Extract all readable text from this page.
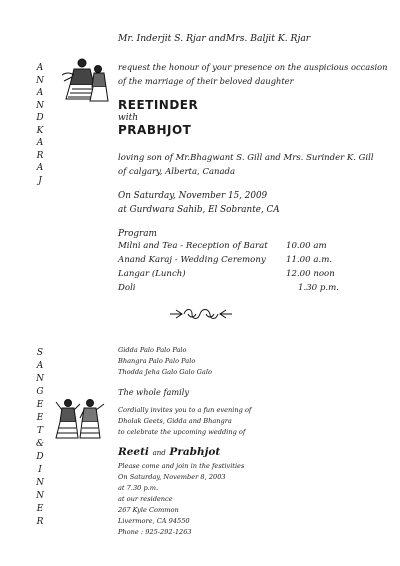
Mr. Inderjit S. Rjar andMrs. Baljit K. Rjar
A
N
A
N
D
K
A
R
A
J
request the honour of your presence on the auspicious occasion
of the marriage of their beloved daughter
REETINDER
with
PRABHJOT
loving son of Mr.Bhagwant S. Gill and Mrs. Surinder K. Gill
of calgary, Alberta, Canada
On Saturday, November 15, 2009
at Gurdwara Sahib, El Sobrante, CA
Program
Milni and Tea - Reception of Barat 10.00 am
Anand Karaj - Wedding Ceremony 11.00 a.m.
Langar (Lunch)	12.00 noon
Doli	1.30 p.m.
S
A
N
G
E
E
T
&
D
I
N
N
E
R
Gidda Palo Palo Palo
Bhangra Palo Palo Palo
Thodda Jeha Galo Galo Galo
The whole family
Cordially invites you to a fun evening of
Dholak Geets, Gidda and Bhangra
to celebrate the upcoming wedding of
Reeti and Prabhjot
Please come and join in the festivities
On Saturday, November 8, 2003
at 7.30 p.m.
at our residence
267 Kyle Common
Livermore, CA 94550
Phone : 925-292-1263
